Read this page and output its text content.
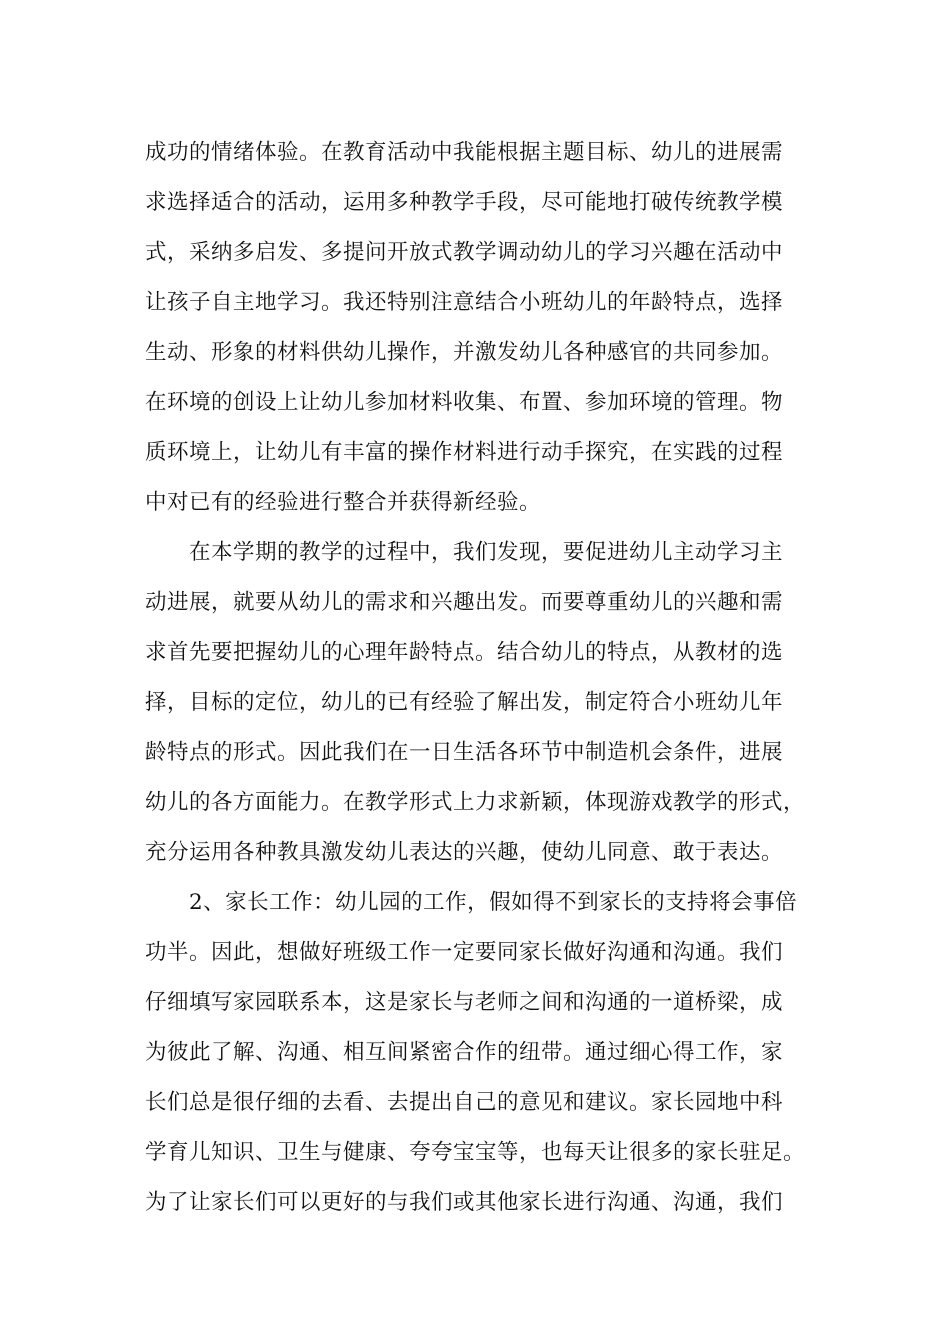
成功的情绪体验。在教育活动中我能根据主题目标、幼儿的进展需
求选择适合的活动，运用多种教学手段，尽可能地打破传统教学模
式，采纳多启发、多提问开放式教学调动幼儿的学习兴趣在活动中
让孩子自主地学习。我还特别注意结合小班幼儿的年龄特点，选择
生动、形象的材料供幼儿操作，并激发幼儿各种感官的共同参加。
在环境的创设上让幼儿参加材料收集、布置、参加环境的管理。物
质环境上，让幼儿有丰富的操作材料进行动手探究，在实践的过程
中对已有的经验进行整合并获得新经验。
在本学期的教学的过程中，我们发现，要促进幼儿主动学习主
动进展，就要从幼儿的需求和兴趣出发。而要尊重幼儿的兴趣和需
求首先要把握幼儿的心理年龄特点。结合幼儿的特点，从教材的选
择，目标的定位，幼儿的已有经验了解出发，制定符合小班幼儿年
龄特点的形式。因此我们在一日生活各环节中制造机会条件，进展
幼儿的各方面能力。在教学形式上力求新颖，体现游戏教学的形式，
充分运用各种教具激发幼儿表达的兴趣，使幼儿同意、敢于表达。
2、家长工作：幼儿园的工作，假如得不到家长的支持将会事倍
功半。因此，想做好班级工作一定要同家长做好沟通和沟通。我们
仔细填写家园联系本，这是家长与老师之间和沟通的一道桥梁，成
为彼此了解、沟通、相互间紧密合作的纽带。通过细心得工作，家
长们总是很仔细的去看、去提出自己的意见和建议。家长园地中科
学育儿知识、卫生与健康、夸夸宝宝等，也每天让很多的家长驻足。
为了让家长们可以更好的与我们或其他家长进行沟通、沟通，我们
